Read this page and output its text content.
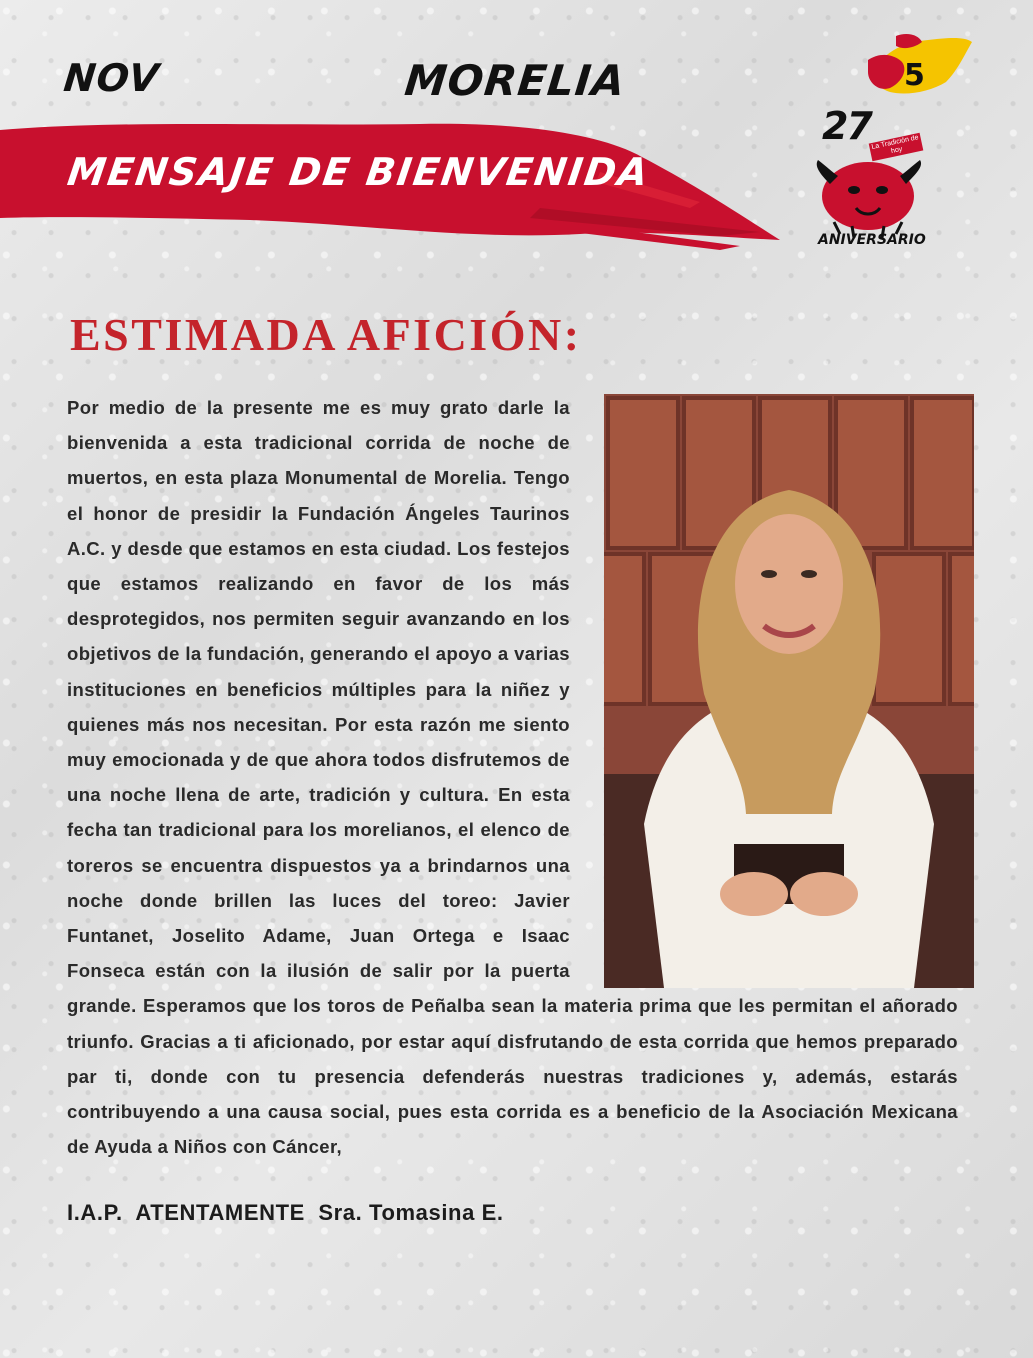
NOV	MORELIA	5
MENSAJE DE BIENVENIDA
27 La Tradición de hoy
ANIVERSARIO
ESTIMADA AFICIÓN:
Por medio de la presente me es muy grato darle la bienvenida a esta tradicional corrida de noche de muertos, en esta plaza Monumental de Morelia. Tengo el honor de presidir la Fundación Ángeles Taurinos A.C. y desde que estamos en esta ciudad. Los festejos que estamos realizando en favor de los más desprotegidos, nos permiten seguir avanzando en los objetivos de la fundación, generando el apoyo a varias instituciones en beneficios múltiples para la niñez y quienes más nos necesitan. Por esta razón me siento muy emocionada y de que ahora todos disfrutemos de una noche llena de arte, tradición y cultura. En esta fecha tan tradicional para los morelianos, el elenco de toreros se encuentra dispuestos ya a brindarnos una noche donde brillen las luces del toreo: Javier Funtanet, Joselito Adame, Juan Ortega e Isaac Fonseca están con la ilusión de salir por la puerta grande. Esperamos que los toros de Peñalba sean la materia prima que les permitan el añorado triunfo. Gracias a ti aficionado, por estar aquí disfrutando de esta corrida que hemos preparado par ti, donde con tu presencia defenderás nuestras tradiciones y, además, estarás contribuyendo a una causa social, pues esta corrida es a beneficio de la Asociación Mexicana de Ayuda a Niños con Cáncer,
I.A.P.  ATENTAMENTE  Sra. Tomasina E.
